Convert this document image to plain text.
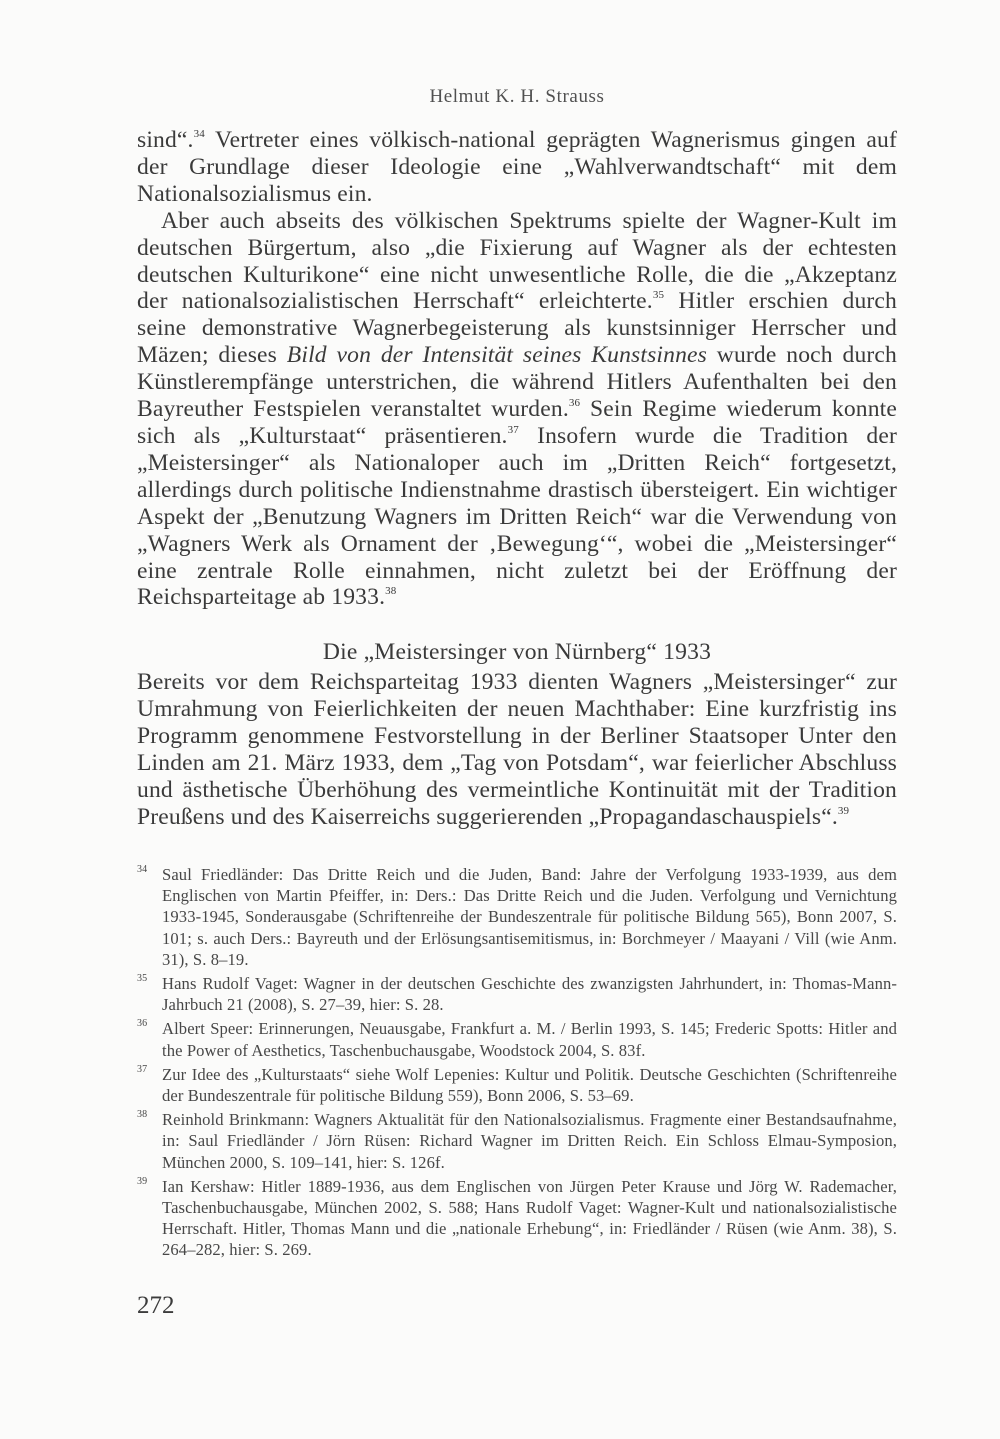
Helmut K. H. Strauss

sind“.$^{34}$ Vertreter eines völkisch-national geprägten Wagnerismus gingen auf der Grundlage dieser Ideologie eine „Wahlverwandtschaft“ mit dem Nationalsozialismus ein.

Aber auch abseits des völkischen Spektrums spielte der Wagner-Kult im deutschen Bürgertum, also „die Fixierung auf Wagner als der echtesten deutschen Kulturikone“ eine nicht unwesentliche Rolle, die die „Akzeptanz der nationalsozialistischen Herrschaft“ erleichterte.$^{35}$ Hitler erschien durch seine demonstrative Wagnerbegeisterung als kunstsinniger Herrscher und Mäzen; dieses Bild von der Intensität seines Kunstsinnes wurde noch durch Künstlerempfänge unterstrichen, die während Hitlers Aufenthalten bei den Bayreuther Festspielen veranstaltet wurden.$^{36}$ Sein Regime wiederum konnte sich als „Kulturstaat“ präsentieren.$^{37}$ Insofern wurde die Tradition der „Meistersinger“ als Nationaloper auch im „Dritten Reich“ fortgesetzt, allerdings durch politische Indienstnahme drastisch übersteigert. Ein wichtiger Aspekt der „Benutzung Wagners im Dritten Reich“ war die Verwendung von „Wagners Werk als Ornament der ‚Bewegung‘“, wobei die „Meistersinger“ eine zentrale Rolle einnahmen, nicht zuletzt bei der Eröffnung der Reichsparteitage ab 1933.38

Die „Meistersinger von Nürnberg“ 1933

Bereits vor dem Reichsparteitag 1933 dienten Wagners „Meistersinger“ zur Umrahmung von Feierlichkeiten der neuen Machthaber: Eine kurzfristig ins Programm genommene Festvorstellung in der Berliner Staatsoper Unter den Linden am 21. März 1933, dem „Tag von Potsdam“, war feierlicher Abschluss und ästhetische Überhöhung des vermeintliche Kontinuität mit der Tradition Preußens und des Kaiserreichs suggerierenden „Propagandaschauspiels“.$^{39}$

34 Saul Friedländer: Das Dritte Reich und die Juden, Band: Jahre der Verfolgung 1933-1939, aus dem Englischen von Martin Pfeiffer, in: Ders.: Das Dritte Reich und die Juden. Verfolgung und Vernichtung 1933-1945, Sonderausgabe (Schriftenreihe der Bundeszentrale für politische Bildung 565), Bonn 2007, S. 101; s. auch Ders.: Bayreuth und der Erlösungsantisemitismus, in: Borchmeyer / Maayani / Vill (wie Anm. 31), S. 8–19.
35 Hans Rudolf Vaget: Wagner in der deutschen Geschichte des zwanzigsten Jahrhundert, in: Thomas-Mann-Jahrbuch 21 (2008), S. 27–39, hier: S. 28.
36 Albert Speer: Erinnerungen, Neuausgabe, Frankfurt a. M. / Berlin 1993, S. 145; Frederic Spotts: Hitler and the Power of Aesthetics, Taschenbuchausgabe, Woodstock 2004, S. 83f.
37 Zur Idee des „Kulturstaats“ siehe Wolf Lepenies: Kultur und Politik. Deutsche Geschichten (Schriftenreihe der Bundeszentrale für politische Bildung 559), Bonn 2006, S. 53–69.
38 Reinhold Brinkmann: Wagners Aktualität für den Nationalsozialismus. Fragmente einer Bestandsaufnahme, in: Saul Friedländer / Jörn Rüsen: Richard Wagner im Dritten Reich. Ein Schloss Elmau-Symposion, München 2000, S. 109–141, hier: S. 126f.
39 Ian Kershaw: Hitler 1889-1936, aus dem Englischen von Jürgen Peter Krause und Jörg W. Rademacher, Taschenbuchausgabe, München 2002, S. 588; Hans Rudolf Vaget: Wagner-Kult und nationalsozialistische Herrschaft. Hitler, Thomas Mann und die „nationale Erhebung“, in: Friedländer / Rüsen (wie Anm. 38), S. 264–282, hier: S. 269.
272
